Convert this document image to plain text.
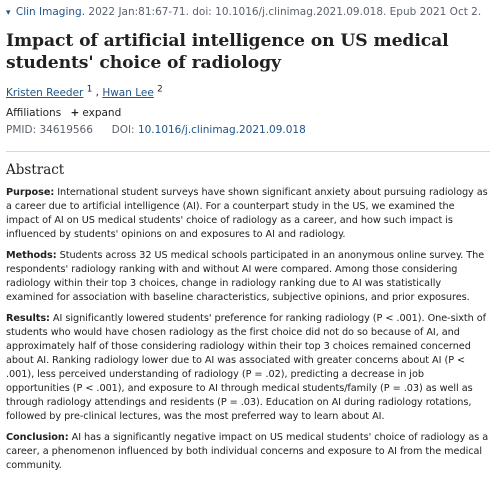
▾ Clin Imaging. 2022 Jan:81:67-71. doi: 10.1016/j.clinimag.2021.09.018. Epub 2021 Oct 2.
Impact of artificial intelligence on US medical students' choice of radiology
Kristen Reeder $^1$ , Hwan Lee $^2$
Affiliations + expand
PMID: 34619566 DOI: 10.1016/j.clinimag.2021.09.018
Abstract

Purpose: International student surveys have shown significant anxiety about pursuing radiology as a career due to artificial intelligence (AI). For a counterpart study in the US, we examined the impact of AI on US medical students' choice of radiology as a career, and how such impact is influenced by students' opinions on and exposures to AI and radiology.

Methods: Students across 32 US medical schools participated in an anonymous online survey. The respondents' radiology ranking with and without AI were compared. Among those considering radiology within their top 3 choices, change in radiology ranking due to AI was statistically examined for association with baseline characteristics, subjective opinions, and prior exposures.

Results: AI significantly lowered students' preference for ranking radiology (P < .001). One-sixth of students who would have chosen radiology as the first choice did not do so because of AI, and approximately half of those considering radiology within their top 3 choices remained concerned about AI. Ranking radiology lower due to AI was associated with greater concerns about AI (P < .001), less perceived understanding of radiology (P = .02), predicting a decrease in job opportunities (P < .001), and exposure to AI through medical students/family (P = .03) as well as through radiology attendings and residents (P = .03). Education on AI during radiology rotations, followed by pre-clinical lectures, was the most preferred way to learn about AI.

Conclusion: AI has a significantly negative impact on US medical students' choice of radiology as a career, a phenomenon influenced by both individual concerns and exposure to AI from the medical community.
